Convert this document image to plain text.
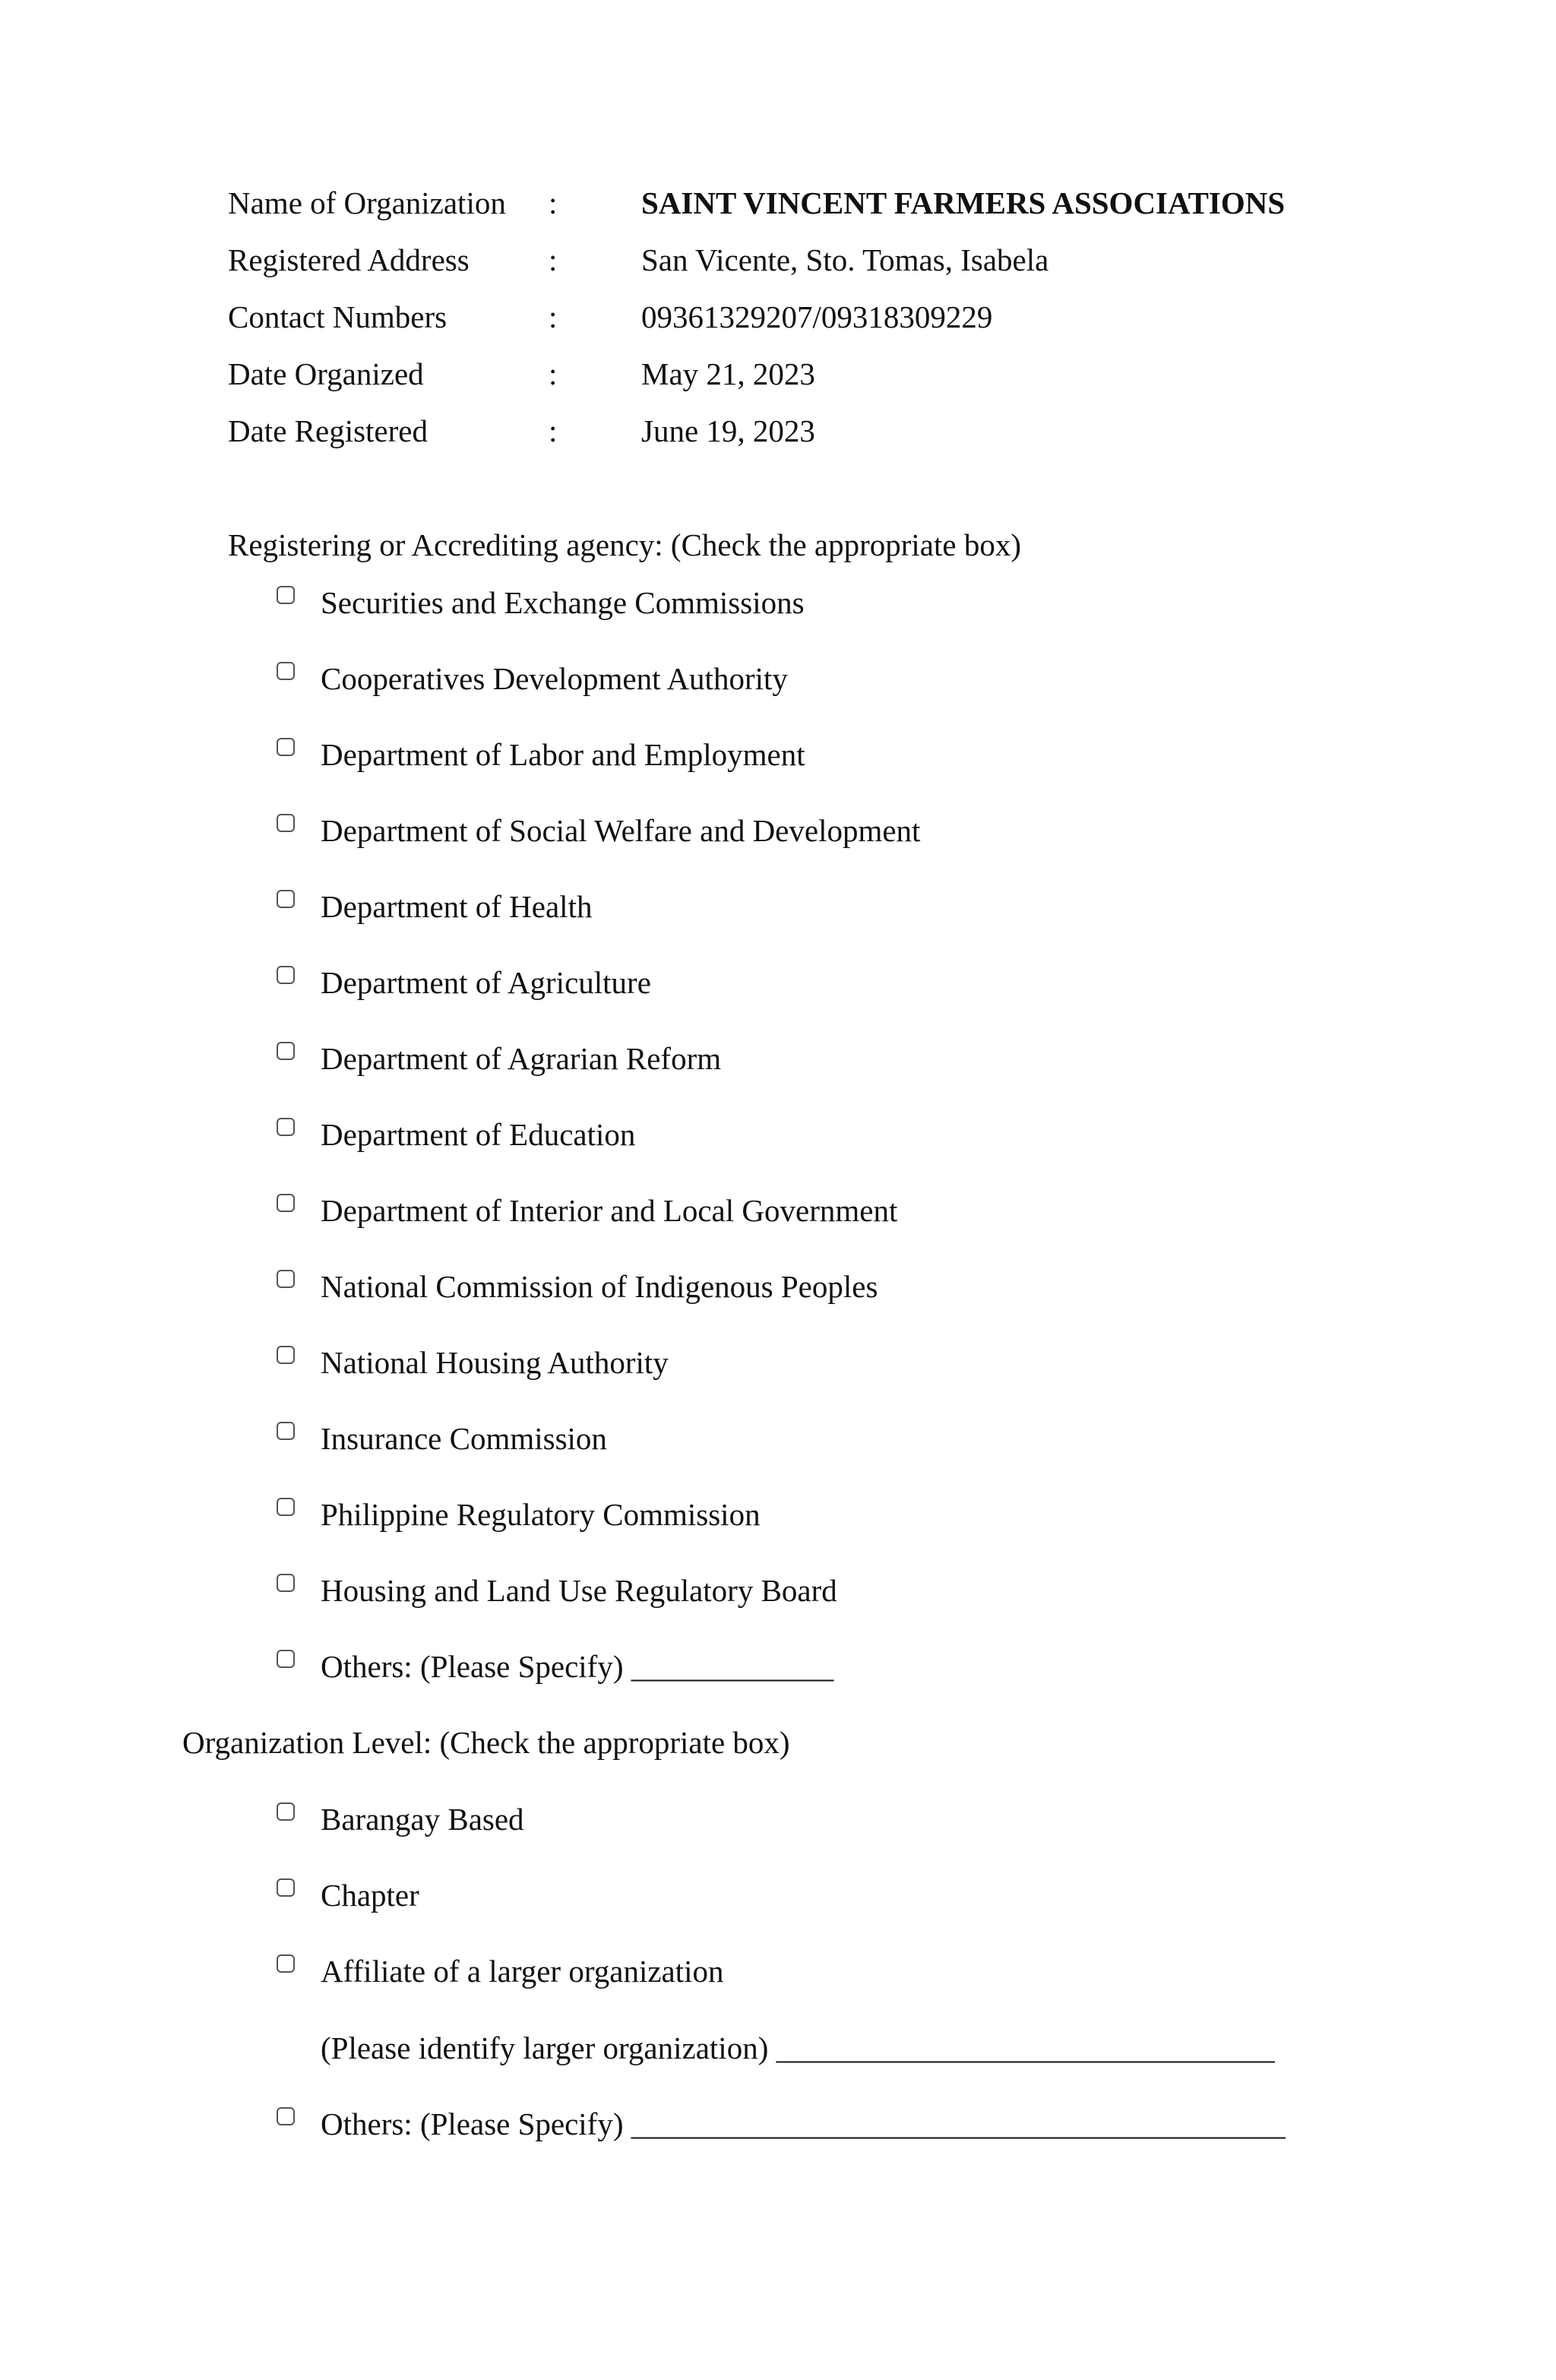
Name of Organization :	SAINT VINCENT FARMERS ASSOCIATIONS
Registered Address	:	San Vicente, Sto. Tomas, Isabela
Contact Numbers	:	09361329207/09318309229
Date Organized	:	May 21, 2023
Date Registered	:	June 19, 2023
Registering or Accrediting agency: (Check the appropriate box)
Securities and Exchange Commissions
Cooperatives Development Authority
Department of Labor and Employment
Department of Social Welfare and Development
Department of Health
Department of Agriculture
Department of Agrarian Reform
Department of Education
Department of Interior and Local Government
National Commission of Indigenous Peoples
National Housing Authority
Insurance Commission
Philippine Regulatory Commission
Housing and Land Use Regulatory Board
Others: (Please Specify) _____________
Organization Level: (Check the appropriate box)
Barangay Based
Chapter
Affiliate of a larger organization
(Please identify larger organization) ________________________________
Others: (Please Specify) __________________________________________
